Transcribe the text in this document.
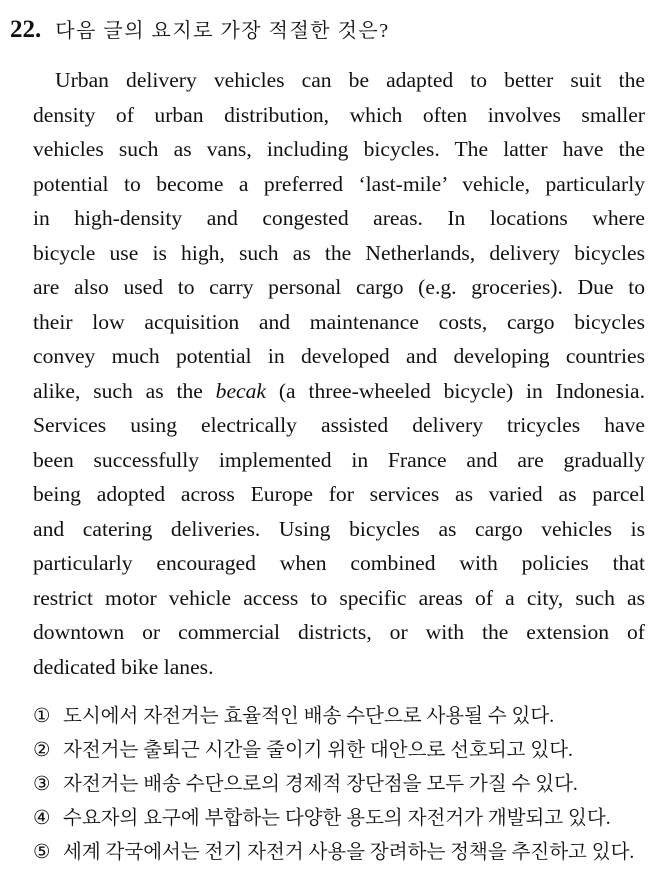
22. 다음 글의 요지로 가장 적절한 것은?
Urban delivery vehicles can be adapted to better suit the
density of urban distribution, which often involves smaller
vehicles such as vans, including bicycles. The latter have the
potential to become a preferred ‘last-mile’ vehicle, particularly
in high-density and congested areas. In locations where
bicycle use is high, such as the Netherlands, delivery bicycles
are also used to carry personal cargo (e.g. groceries). Due to
their low acquisition and maintenance costs, cargo bicycles
convey much potential in developed and developing countries
alike, such as the becak (a three-wheeled bicycle) in Indonesia.
Services using electrically assisted delivery tricycles have
been successfully implemented in France and are gradually
being adopted across Europe for services as varied as parcel
and catering deliveries. Using bicycles as cargo vehicles is
particularly encouraged when combined with policies that
restrict motor vehicle access to specific areas of a city, such as
downtown or commercial districts, or with the extension of
dedicated bike lanes.
① 도시에서 자전거는 효율적인 배송 수단으로 사용될 수 있다.
② 자전거는 출퇴근 시간을 줄이기 위한 대안으로 선호되고 있다.
③ 자전거는 배송 수단으로의 경제적 장단점을 모두 가질 수 있다.
④ 수요자의 요구에 부합하는 다양한 용도의 자전거가 개발되고 있다.
⑤ 세계 각국에서는 전기 자전거 사용을 장려하는 정책을 추진하고 있다.
